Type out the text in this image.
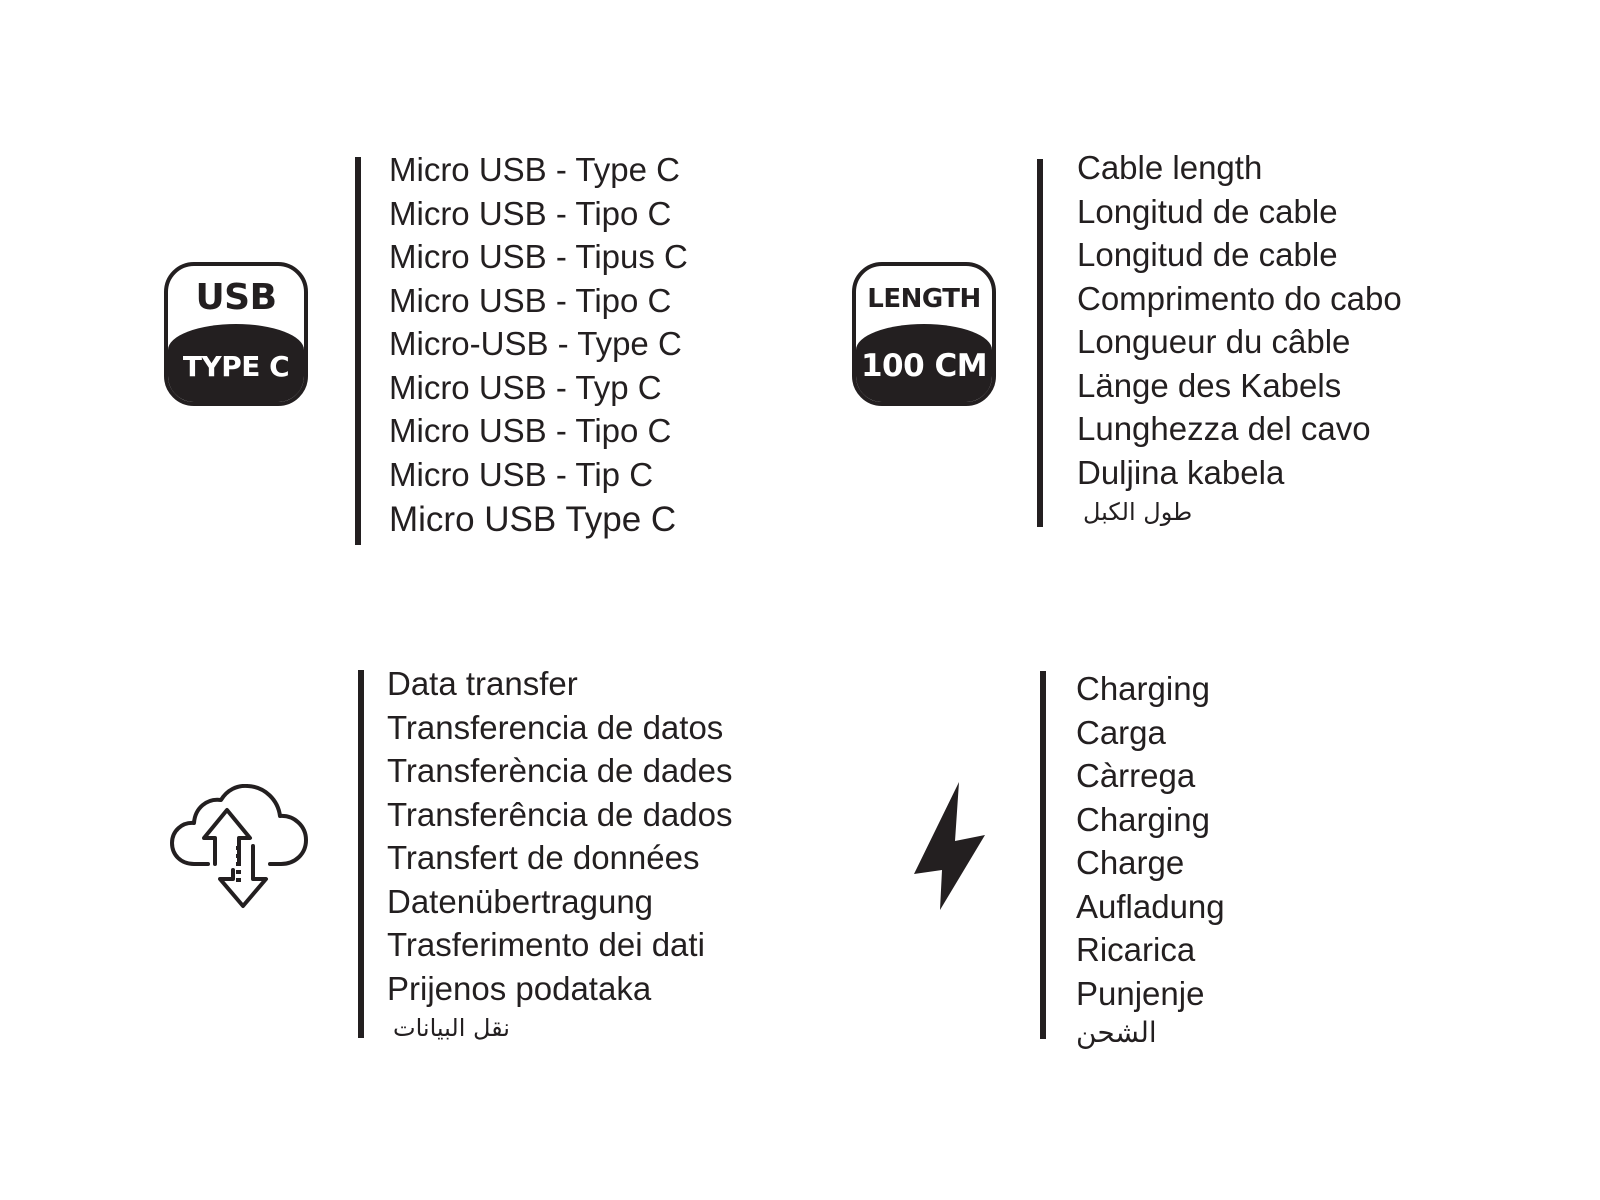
USB
TYPE C
Micro USB - Type C
Micro USB - Tipo C
Micro USB - Tipus C
Micro USB - Tipo C
Micro-USB - Type C
Micro USB - Typ C
Micro USB - Tipo C
Micro USB - Tip C
Micro USB Type C
LENGTH
100 CM
Cable length
Longitud de cable
Longitud de cable
Comprimento do cabo
Longueur du câble
Länge des Kabels
Lunghezza del cavo
Duljina kabela
طول الكبل
Data transfer
Transferencia de datos
Transferència de dades
Transferência de dados
Transfert de données
Datenübertragung
Trasferimento dei dati
Prijenos podataka
نقل البيانات
Charging
Carga
Càrrega
Charging
Charge
Aufladung
Ricarica
Punjenje
الشحن
